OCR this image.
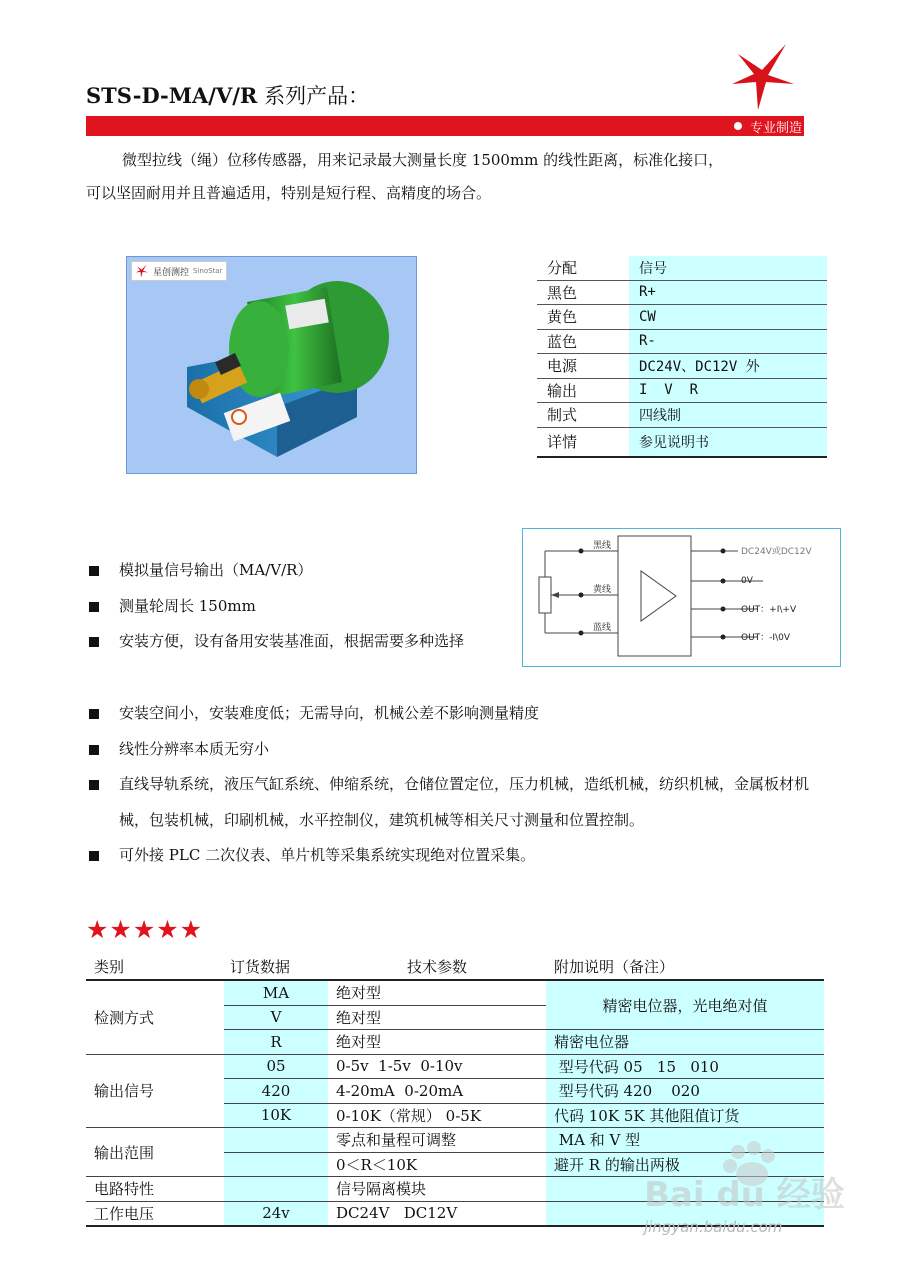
STS-D-MA/V/R 系列产品：
专业制造
微型拉线（绳）位移传感器，用来记录最大测量长度 1500mm 的线性距离，标准化接口，
可以坚固耐用并且普遍适用，特别是短行程、高精度的场合。
星创测控 SinoStar	分配	信号
黑色	R+
黄色	CW
蓝色	R-
电源	DC24V、DC12V 外
输出	I  V  R
制式	四线制
详情	参见说明书
黑线
黄线
蓝线
DC24V或DC12V
0V
OUT：+I\+V
OUT：-I\0V
模拟量信号输出（MA/V/R）
测量轮周长 150mm
安装方便，设有备用安装基准面，根据需要多种选择
安装空间小，安装难度低；无需导向，机械公差不影响测量精度
线性分辨率本质无穷小
直线导轨系统，液压气缸系统、伸缩系统，仓储位置定位，压力机械，造纸机械，纺织机械，金属板材机械，包装机械，印刷机械，水平控制仪，建筑机械等相关尺寸测量和位置控制。
可外接 PLC 二次仪表、单片机等采集系统实现绝对位置采集。
★★★★★
类别	订货数据	技术参数	附加说明（备注）
检测方式	MA	绝对型	精密电位器，光电绝对值
	V	绝对型	
	R	绝对型	精密电位器
输出信号	05	0-5v  1-5v  0-10v	型号代码 05   15   010
	420	4-20mA  0-20mA	型号代码 420    020
	10K	0-10K（常规） 0-5K	代码 10K 5K 其他阻值订货
输出范围		零点和量程可调整	MA 和 V 型
		0＜R＜10K	避开 R 的输出两极
电路特性		信号隔离模块	
工作电压	24v	DC24V   DC12V		Bai du 经验
jingyan.baidu.com
